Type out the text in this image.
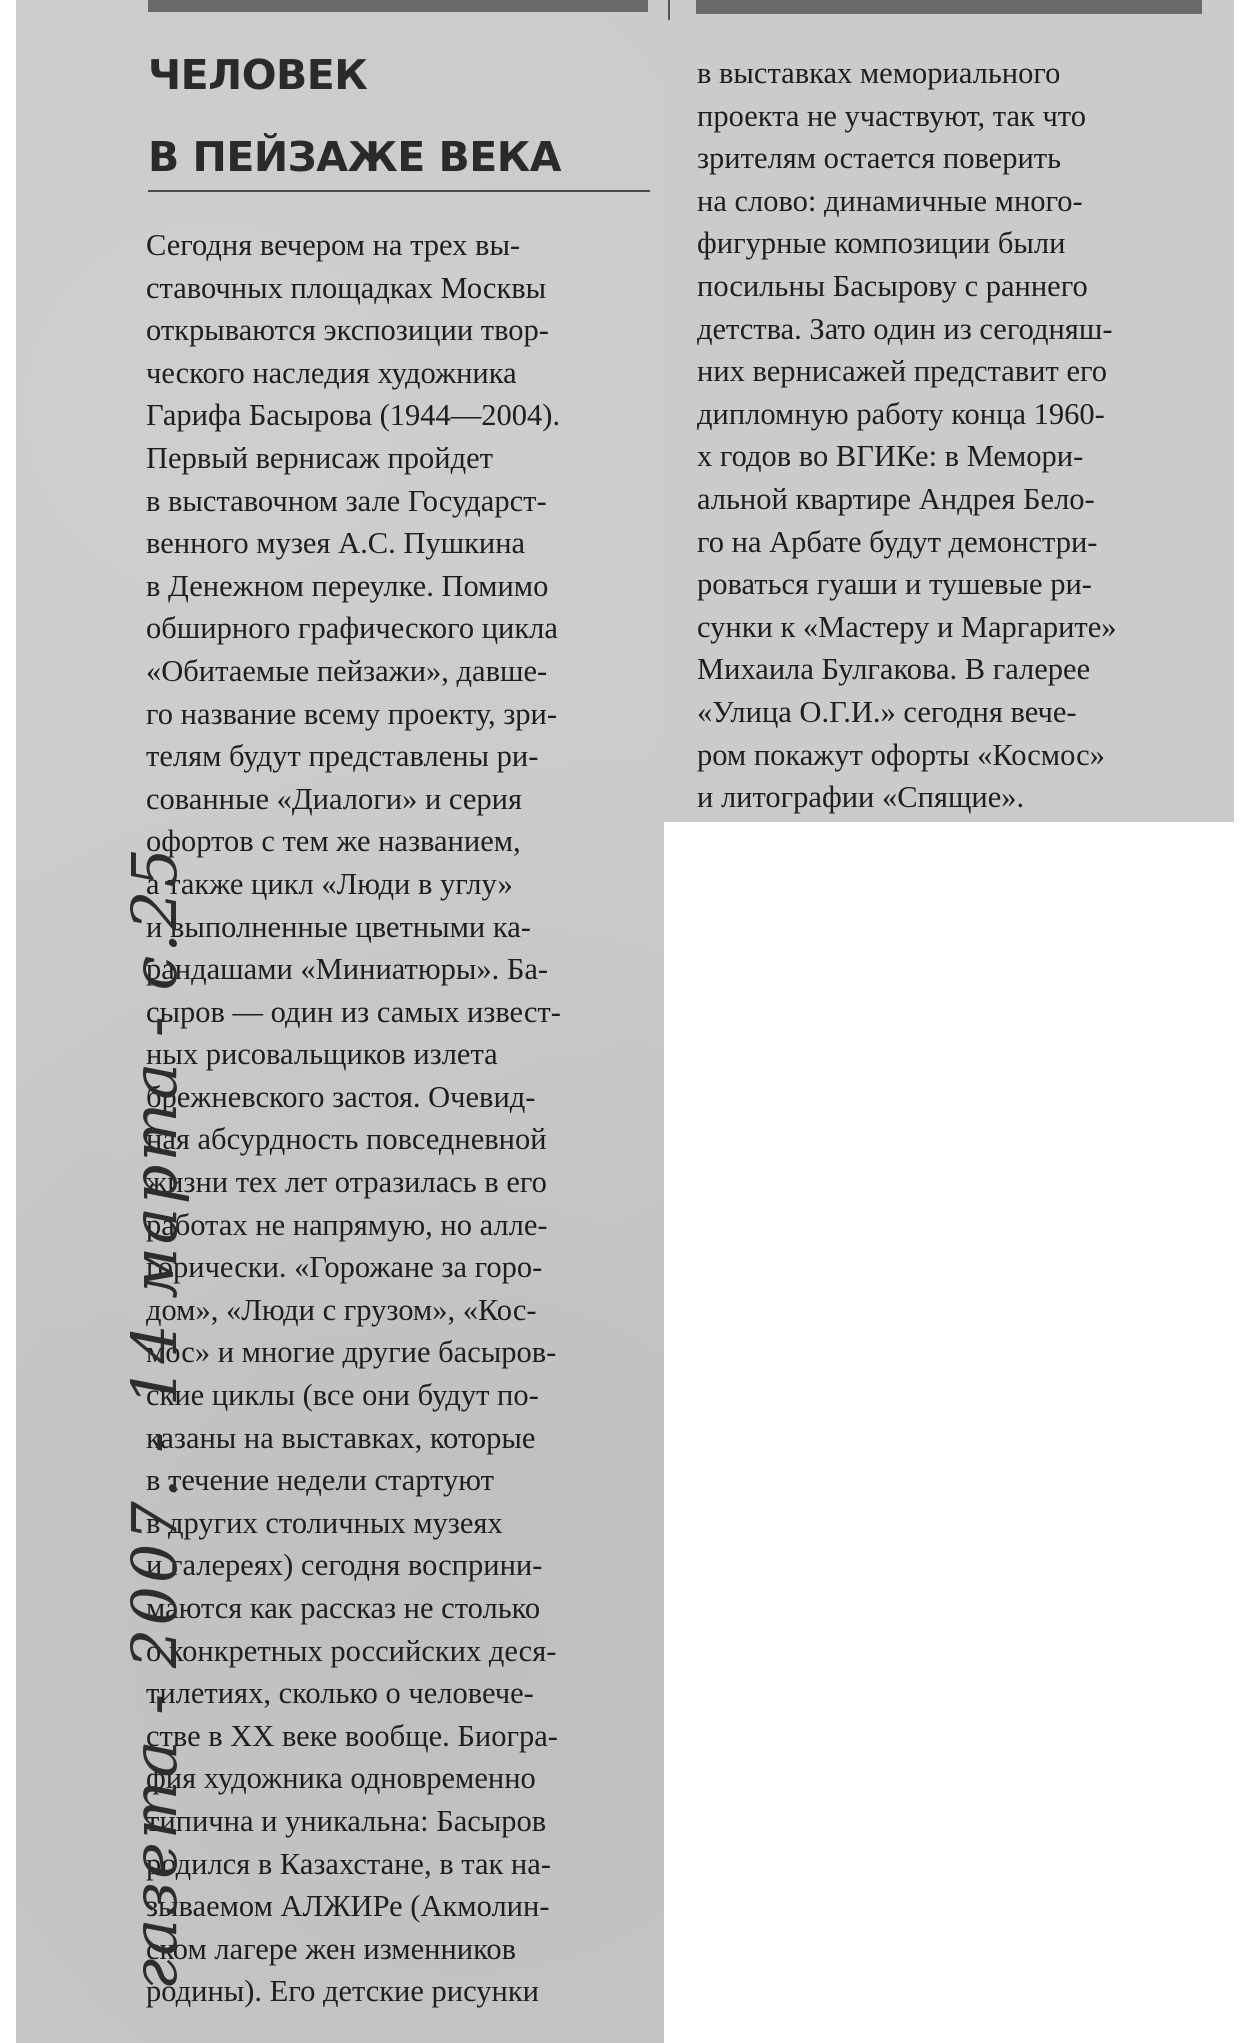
ЧЕЛОВЕК
В ПЕЙЗАЖЕ ВЕКА
Сегодня вечером на трех вы-
ставочных площадках Москвы
открываются экспозиции твор-
ческого наследия художника
Гарифа Басырова (1944—2004).
Первый вернисаж пройдет
в выставочном зале Государст-
венного музея А.С. Пушкина
в Денежном переулке. Помимо
обширного графического цикла
«Обитаемые пейзажи», давше-
го название всему проекту, зри-
телям будут представлены ри-
сованные «Диалоги» и серия
офортов с тем же названием,
а также цикл «Люди в углу»
и выполненные цветными ка-
рандашами «Миниатюры». Ба-
сыров — один из самых извест-
ных рисовальщиков излета
брежневского застоя. Очевид-
ная абсурдность повседневной
жизни тех лет отразилась в его
работах не напрямую, но алле-
горически. «Горожане за горо-
дом», «Люди с грузом», «Кос-
мос» и многие другие басыров-
ские циклы (все они будут по-
казаны на выставках, которые
в течение недели стартуют
в других столичных музеях
и галереях) сегодня восприни-
маются как рассказ не столько
о конкретных российских деся-
тилетиях, сколько о человече-
стве в XX веке вообще. Биогра-
фия художника одновременно
типична и уникальна: Басыров
родился в Казахстане, в так на-
зываемом АЛЖИРе (Акмолин-
ском лагере жен изменников
родины). Его детские рисунки
в выставках мемориального
проекта не участвуют, так что
зрителям остается поверить
на слово: динамичные много-
фигурные композиции были
посильны Басырову с раннего
детства. Зато один из сегодняш-
них вернисажей представит его
дипломную работу конца 1960-
х годов во ВГИКе: в Мемори-
альной квартире Андрея Бело-
го на Арбате будут демонстри-
роваться гуаши и тушевые ри-
сунки к «Мастеру и Маргарите»
Михаила Булгакова. В галерее
«Улица О.Г.И.» сегодня вече-
ром покажут офорты «Космос»
и литографии «Спящие».
газета - 2007. - 14 марта - с.25
